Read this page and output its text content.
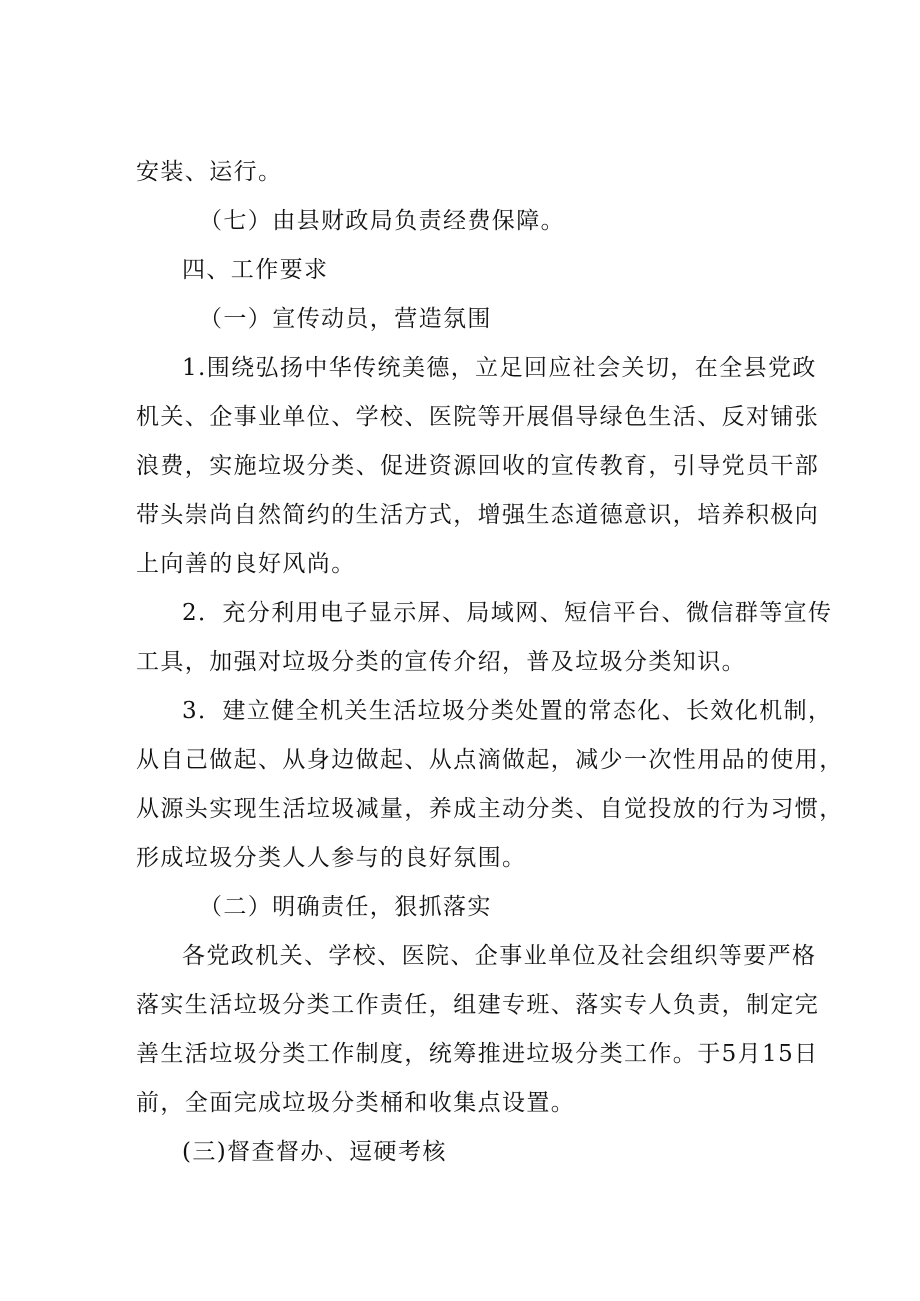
安装、运行。
（七）由县财政局负责经费保障。
四、工作要求
（一）宣传动员，营造氛围
1.围绕弘扬中华传统美德，立足回应社会关切，在全县党政
机关、企事业单位、学校、医院等开展倡导绿色生活、反对铺张
浪费，实施垃圾分类、促进资源回收的宣传教育，引导党员干部
带头崇尚自然简约的生活方式，增强生态道德意识，培养积极向
上向善的良好风尚。
2．充分利用电子显示屏、局域网、短信平台、微信群等宣传
工具，加强对垃圾分类的宣传介绍，普及垃圾分类知识。
3．建立健全机关生活垃圾分类处置的常态化、长效化机制，
从自己做起、从身边做起、从点滴做起，减少一次性用品的使用，
从源头实现生活垃圾减量，养成主动分类、自觉投放的行为习惯，
形成垃圾分类人人参与的良好氛围。
（二）明确责任，狠抓落实
各党政机关、学校、医院、企事业单位及社会组织等要严格
落实生活垃圾分类工作责任，组建专班、落实专人负责，制定完
善生活垃圾分类工作制度，统筹推进垃圾分类工作。于5月15日
前，全面完成垃圾分类桶和收集点设置。
(三)督查督办、逗硬考核
